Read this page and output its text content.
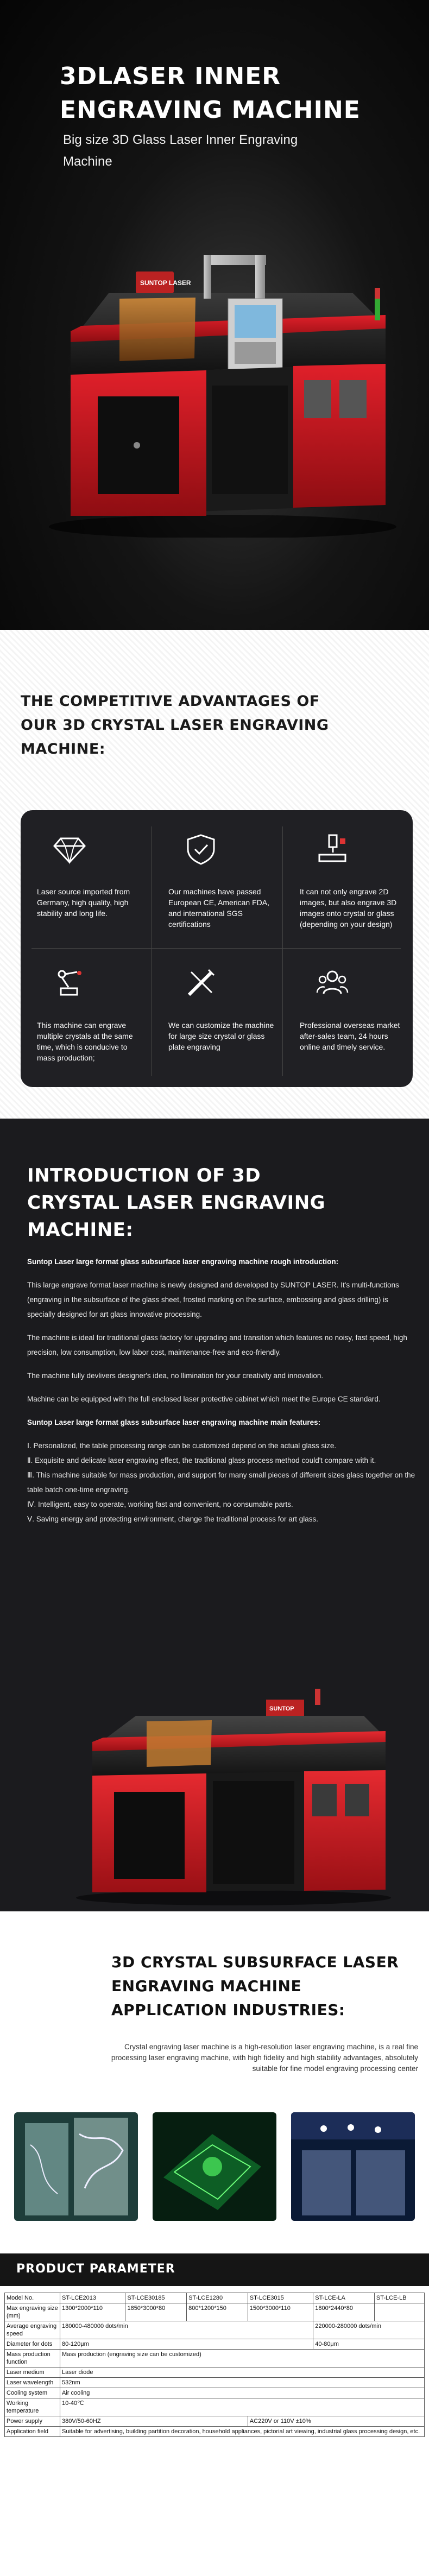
3DLASER INNER ENGRAVING MACHINE
Big size 3D Glass Laser Inner Engraving Machine
SUNTOP LASER
THE COMPETITIVE ADVANTAGES OF OUR 3D CRYSTAL LASER ENGRAVING MACHINE:
Laser source imported from Germany, high quality, high stability and long life.
Our machines have passed European CE, American FDA, and international SGS certifications
It can not only engrave 2D images, but also engrave 3D images onto crystal or glass (depending on your design)
This machine can engrave multiple crystals at the same time, which is conducive to mass production;
We can customize the machine for large size crystal or glass plate engraving
Professional overseas market after-sales team, 24 hours online and timely service.
INTRODUCTION OF 3D CRYSTAL LASER ENGRAVING MACHINE:

Suntop Laser large format glass subsurface laser engraving machine rough introduction:

This large engrave format laser machine is newly designed and developed by SUNTOP LASER. It's multi-functions (engraving in the subsurface of the glass sheet, frosted marking on the surface, embossing and glass drilling) is specially designed for art glass innovative processing.

The machine is ideal for traditional glass factory for upgrading and transition which features no noisy, fast speed, high precision, low consumption, low labor cost, maintenance-free and eco-friendly.

The machine fully devlivers designer's idea, no llimination for your creativity and innovation.

Machine can be equipped with the full enclosed laser protective cabinet which meet the Europe CE standard.

Suntop Laser large format glass subsurface laser engraving machine main features:

Ⅰ. Personalized, the table processing range can be customized depend on the actual glass size.

Ⅱ. Exquisite and delicate laser engraving effect, the traditional glass process method could't compare with it.

Ⅲ. This machine suitable for mass production, and support for many small pieces of different sizes glass together on the table batch one-time engraving.

Ⅳ. Intelligent, easy to operate, working fast and convenient, no consumable parts.

Ⅴ. Saving energy and protecting environment, change the traditional process for art glass.

SUNTOP
3D CRYSTAL SUBSURFACE LASER ENGRAVING MACHINE APPLICATION INDUSTRIES:
Crystal engraving laser machine is a high-resolution laser engraving machine, is a real fine processing laser engraving machine, with high fidelity and high stability advantages, absolutely suitable for fine model engraving processing center
PRODUCT PARAMETER
Model No.	ST-LCE2013	ST-LCE30185	ST-LCE1280	ST-LCE3015	ST-LCE-LA	ST-LCE-LB
Max engraving size (mm)	1300*2000*110	1850*3000*80	800*1200*150	1500*3000*110	1800*2440*80	
Average engraving speed	180000-480000 dots/min				220000-280000 dots/min	
Diameter for dots	80-120μm				40-80μm	
Mass production function	Mass production (engraving size can be customized)					
Laser medium	Laser diode					
Laser wavelength	532nm					
Cooling system	Air cooling					
Working temperature	10-40℃					
Power supply	380V/50-60HZ			AC220V or 110V ±10%		
Application field	Suitable for advertising, building partition decoration, household appliances, pictorial art viewing, industrial glass processing design, etc.					
